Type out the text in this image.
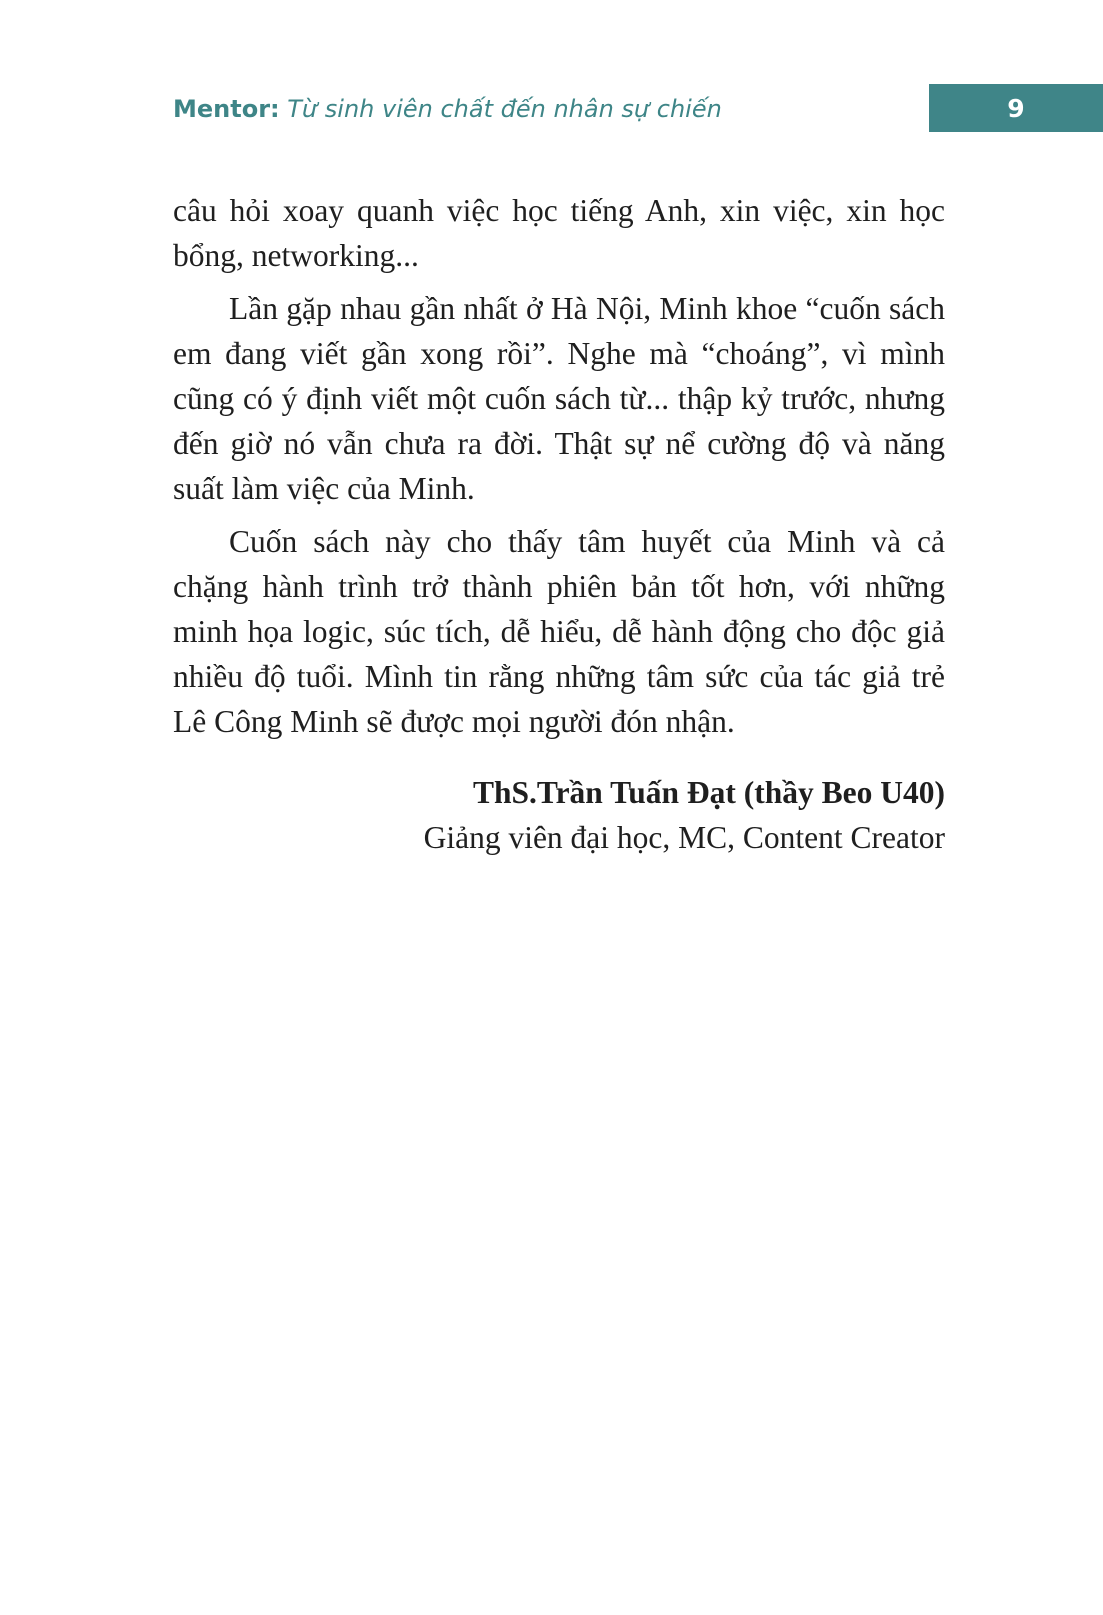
Mentor: Từ sinh viên chất đến nhân sự chiến	9

câu hỏi xoay quanh việc học tiếng Anh, xin việc, xin học bổng, networking...

Lần gặp nhau gần nhất ở Hà Nội, Minh khoe “cuốn sách em đang viết gần xong rồi”. Nghe mà “choáng”, vì mình cũng có ý định viết một cuốn sách từ... thập kỷ trước, nhưng đến giờ nó vẫn chưa ra đời. Thật sự nể cường độ và năng suất làm việc của Minh.

Cuốn sách này cho thấy tâm huyết của Minh và cả chặng hành trình trở thành phiên bản tốt hơn, với những minh họa logic, súc tích, dễ hiểu, dễ hành động cho độc giả nhiều độ tuổi. Mình tin rằng những tâm sức của tác giả trẻ Lê Công Minh sẽ được mọi người đón nhận.

ThS.Trần Tuấn Đạt (thầy Beo U40)
Giảng viên đại học, MC, Content Creator
